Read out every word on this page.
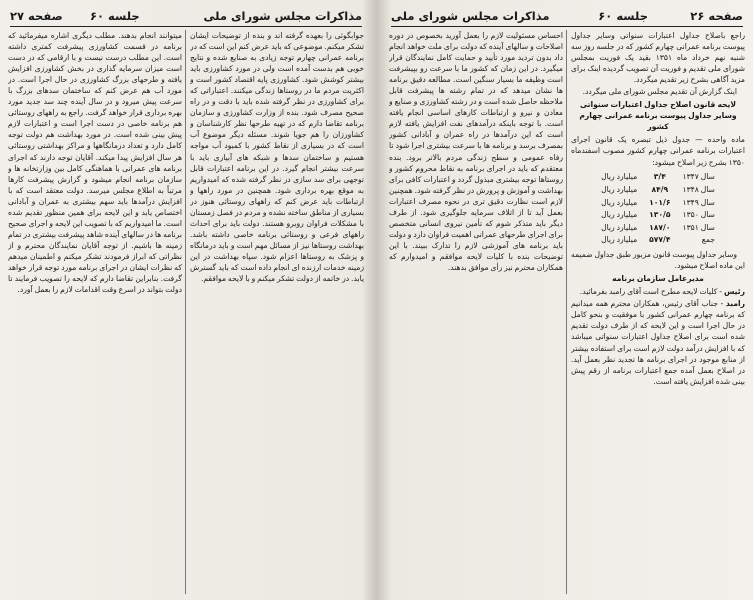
مذاکرات مجلس شورای ملی
جلسه ۶۰
صفحه ۲۷

جوابگوئی را بعهده گرفته اند و بنده از توضیحات ایشان تشکر میکنم. موضوعی که باید عرض کنم این است که در برنامه عمرانی چهارم توجه زیادی به صنایع شده و نتایج خوبی هم بدست آمده است ولی در مورد کشاورزی باید بیشتر کوشش شود. کشاورزی پایه اقتصاد کشور است و اکثریت مردم ما در روستاها زندگی میکنند. اعتباراتی که برای کشاورزی در نظر گرفته شده باید با دقت و در راه صحیح مصرف شود. بنده از وزارت کشاورزی و سازمان برنامه تقاضا دارم که در تهیه طرحها نظر کارشناسان و کشاورزان را هم جویا شوند. مسئله دیگر موضوع آب است که در بسیاری از نقاط کشور با کمبود آب مواجه هستیم و ساختمان سدها و شبکه های آبیاری باید با سرعت بیشتر انجام گیرد. در این برنامه اعتبارات قابل توجهی برای سد سازی در نظر گرفته شده که امیدواریم به موقع بهره برداری شود. همچنین در مورد راهها و ارتباطات باید عرض کنم که راههای روستائی هنوز در بسیاری از مناطق ساخته نشده و مردم در فصل زمستان با مشکلات فراوان روبرو هستند. دولت باید برای احداث راههای فرعی و روستائی برنامه خاصی داشته باشد. بهداشت روستاها نیز از مسائل مهم است و باید درمانگاه و پزشک به روستاها اعزام شود. سپاه بهداشت در این زمینه خدمات ارزنده ای انجام داده است که باید گسترش یابد. در خاتمه از دولت تشکر میکنم و با لایحه موافقم.

میتوانند انجام بدهند. مطلب دیگری اشاره میفرمائید که برنامه در قسمت کشاورزی پیشرفت کمتری داشته است. این مطلب درست نیست و با ارقامی که در دست است میزان سرمایه گذاری در بخش کشاورزی افزایش یافته و طرحهای بزرگ کشاورزی در حال اجرا است. در مورد آب هم عرض کنم که ساختمان سدهای بزرگ با سرعت پیش میرود و در سال آینده چند سد جدید مورد بهره برداری قرار خواهد گرفت. راجع به راههای روستائی هم برنامه خاصی در دست اجرا است و اعتبارات لازم پیش بینی شده است. در مورد بهداشت هم دولت توجه کامل دارد و تعداد درمانگاهها و مراکز بهداشتی روستائی هر سال افزایش پیدا میکند. آقایان توجه دارند که اجرای برنامه های عمرانی با هماهنگی کامل بین وزارتخانه ها و سازمان برنامه انجام میشود و گزارش پیشرفت کارها مرتباً به اطلاع مجلس میرسد. دولت معتقد است که با افزایش درآمدها باید سهم بیشتری به عمران و آبادانی اختصاص یابد و این لایحه برای همین منظور تقدیم شده است. ما امیدواریم که با تصویب این لایحه و اجرای صحیح برنامه ها در سالهای آینده شاهد پیشرفت بیشتری در تمام زمینه ها باشیم. از توجه آقایان نمایندگان محترم و از نظراتی که ابراز فرمودند تشکر میکنم و اطمینان میدهم که نظرات ایشان در اجرای برنامه مورد توجه قرار خواهد گرفت. بنابراین تقاضا دارم که لایحه را تصویب فرمایند تا دولت بتواند در اسرع وقت اقدامات لازم را بعمل آورد.

صفحه ۲۶
جلسه ۶۰
مذاکرات مجلس شورای ملی

راجع باصلاح جداول اعتبارات سنواتی وسایر جداول پیوست برنامه عمرانی چهارم کشور که در جلسه روز سه شنبه نهم خرداد ماه ۱۳۵۱ بقید یک فوریت بمجلس شورای ملی تقدیم و فوریت آن تصویب گردیده اینک برای مزید آگاهی بشرح زیر تقدیم میگردد.

اینک گزارش آن تقدیم مجلس شورای ملی میگردد.

لایحه قانون اصلاح جداول اعتبارات سنواتی وسایر جداول پیوست برنامه عمرانی چهارم کشور

ماده واحده — جدول ذیل تبصره یک قانون اجرای اعتبارات برنامه عمرانی چهارم کشور مصوب اسفندماه ۱۳۵۰ بشرح زیر اصلاح میشود:

سال ۱۳۴۷	۳/۴	میلیارد ریال
سال ۱۳۴۸	۸۴/۹	میلیارد ریال
سال ۱۳۴۹	۱۰۱/۶	میلیارد ریال
سال ۱۳۵۰	۱۳۰/۵	میلیارد ریال
سال ۱۳۵۱	۱۸۷/۰	میلیارد ریال
جمع	۵۷۷/۴	میلیارد ریال

وسایر جداول پیوست قانون مزبور طبق جداول ضمیمه این ماده اصلاح میشود.

مدیرعامل سازمان برنامه

رئیس - کلیات لایحه مطرح است آقای رامبد بفرمائید.

رامبد - جناب آقای رئیس، همکاران محترم همه میدانیم که برنامه چهارم عمرانی کشور با موفقیت و بنحو کامل در حال اجرا است و این لایحه که از طرف دولت تقدیم شده است برای اصلاح جداول اعتبارات سنواتی میباشد که با افزایش درآمد دولت لازم است برای استفاده بیشتر از منابع موجود در اجرای برنامه ها تجدید نظر بعمل آید. در اصلاح بعمل آمده جمع اعتبارات برنامه از رقم پیش بینی شده افزایش یافته است.

احساس مسئولیت لازم را بعمل آورید بخصوص در دوره اصلاحات و سالهای آینده که دولت برای ملت خواهد انجام داد بدون تردید مورد تأیید و حمایت کامل نمایندگان قرار میگیرد. در این زمان که کشور ما با سرعت رو بپیشرفت است وظیفه ما بسیار سنگین است. مطالعه دقیق برنامه ها نشان میدهد که در تمام رشته ها پیشرفت قابل ملاحظه حاصل شده است و در رشته کشاورزی و صنایع و معادن و نیرو و ارتباطات کارهای اساسی انجام یافته است. با توجه باینکه درآمدهای نفت افزایش یافته لازم است که این درآمدها در راه عمران و آبادانی کشور بمصرف برسد و برنامه ها با سرعت بیشتری اجرا شود تا رفاه عمومی و سطح زندگی مردم بالاتر برود. بنده معتقدم که باید در اجرای برنامه به نقاط محروم کشور و روستاها توجه بیشتری مبذول گردد و اعتبارات کافی برای بهداشت و آموزش و پرورش در نظر گرفته شود. همچنین لازم است نظارت دقیق تری در نحوه مصرف اعتبارات بعمل آید تا از اتلاف سرمایه جلوگیری شود. از طرف دیگر باید متذکر شوم که تأمین نیروی انسانی متخصص برای اجرای طرحهای عمرانی اهمیت فراوان دارد و دولت باید برنامه های آموزشی لازم را تدارک ببیند. با این توضیحات بنده با کلیات لایحه موافقم و امیدوارم که همکاران محترم نیز رأی موافق بدهند.
